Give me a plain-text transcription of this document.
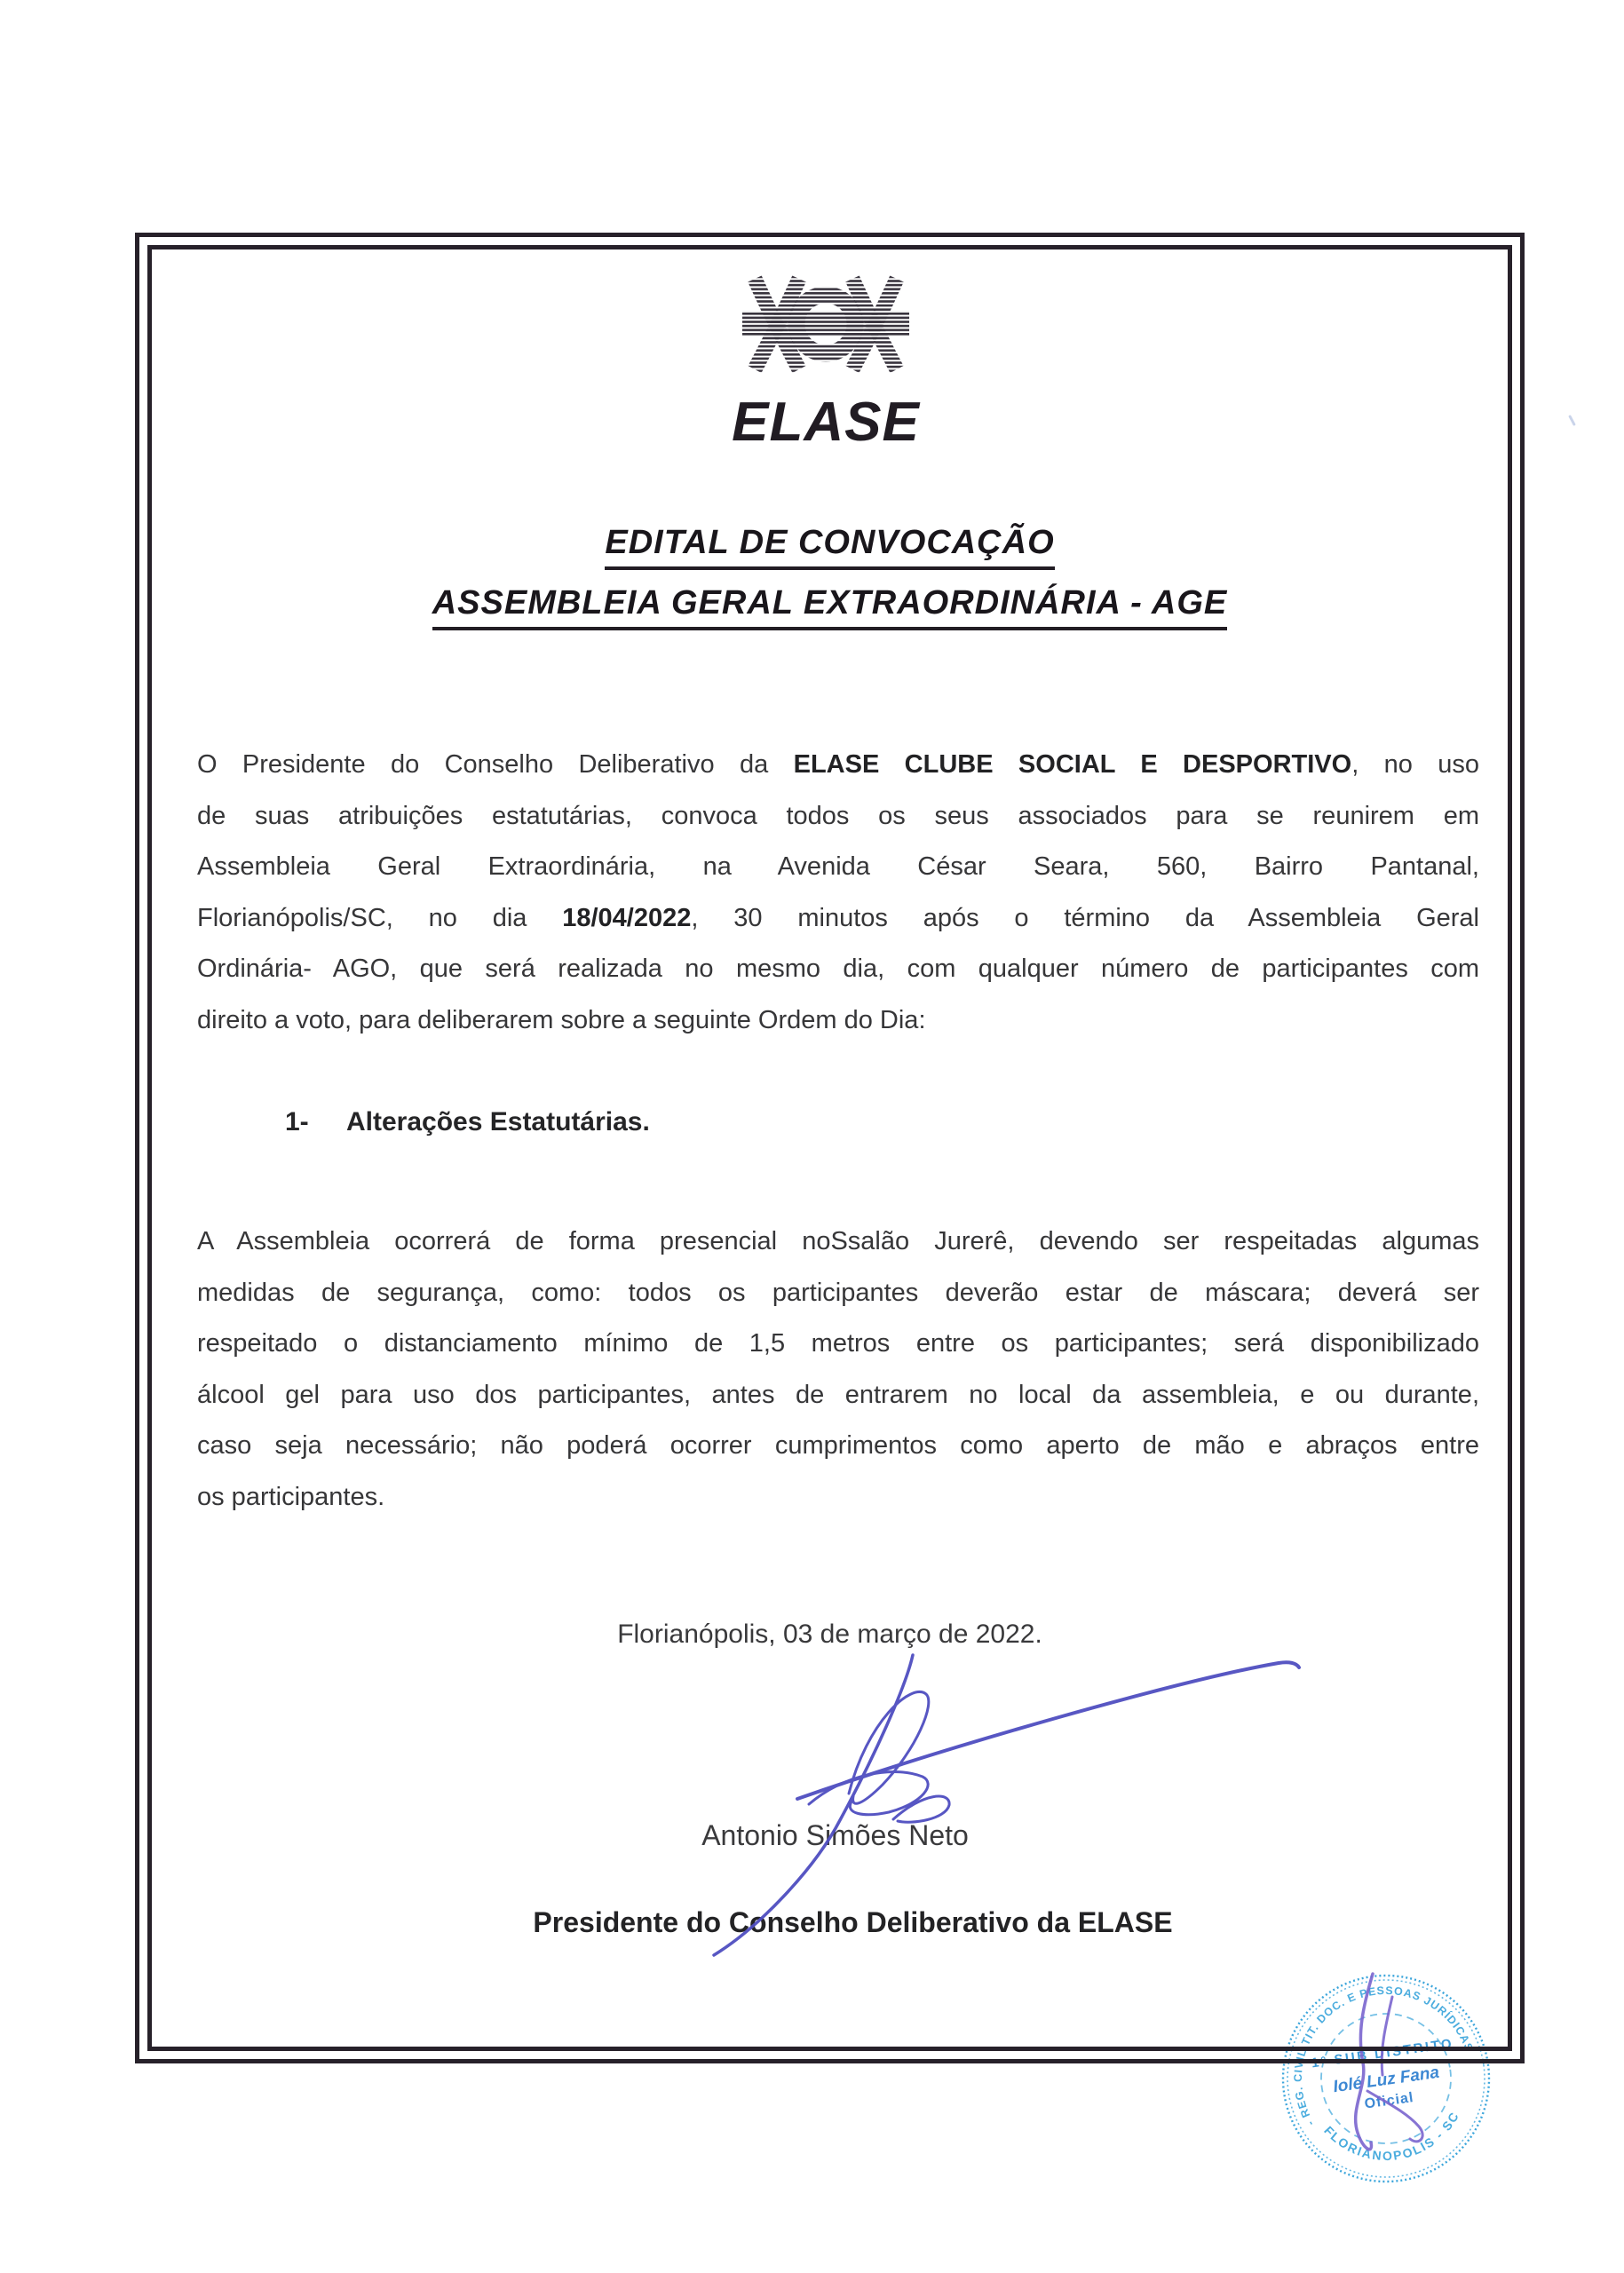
ELASE
EDITAL DE CONVOCAÇÃO
ASSEMBLEIA GERAL EXTRAORDINÁRIA - AGE
O Presidente do Conselho Deliberativo da ELASE CLUBE SOCIAL E DESPORTIVO, no uso
de suas atribuições estatutárias, convoca todos os seus associados para se reunirem em
Assembleia Geral Extraordinária, na Avenida César Seara, 560, Bairro Pantanal,
Florianópolis/SC, no dia 18/04/2022, 30 minutos após o término da Assembleia Geral
Ordinária- AGO, que será realizada no mesmo dia, com qualquer número de participantes com
direito a voto, para deliberarem sobre a seguinte Ordem do Dia:
1-	Alterações Estatutárias.
A Assembleia ocorrerá de forma presencial noSsalão Jurerê, devendo ser respeitadas algumas
medidas de segurança, como: todos os participantes deverão estar de máscara; deverá ser
respeitado o distanciamento mínimo de 1,5 metros entre os participantes; será disponibilizado
álcool gel para uso dos participantes, antes de entrarem no local da assembleia, e ou durante,
caso seja necessário; não poderá ocorrer cumprimentos como aperto de mão e abraços entre
os participantes.
Florianópolis, 03 de março de 2022.
Antonio Simões Neto
Presidente do Conselho Deliberativo da ELASE
- REG. CIVIL TIT. DOC. E PESSOAS JURÍDICAS
FLORIANOPOLIS - SC
1° SUB DISTRITO
Iolé Luz Fana
Oficial
